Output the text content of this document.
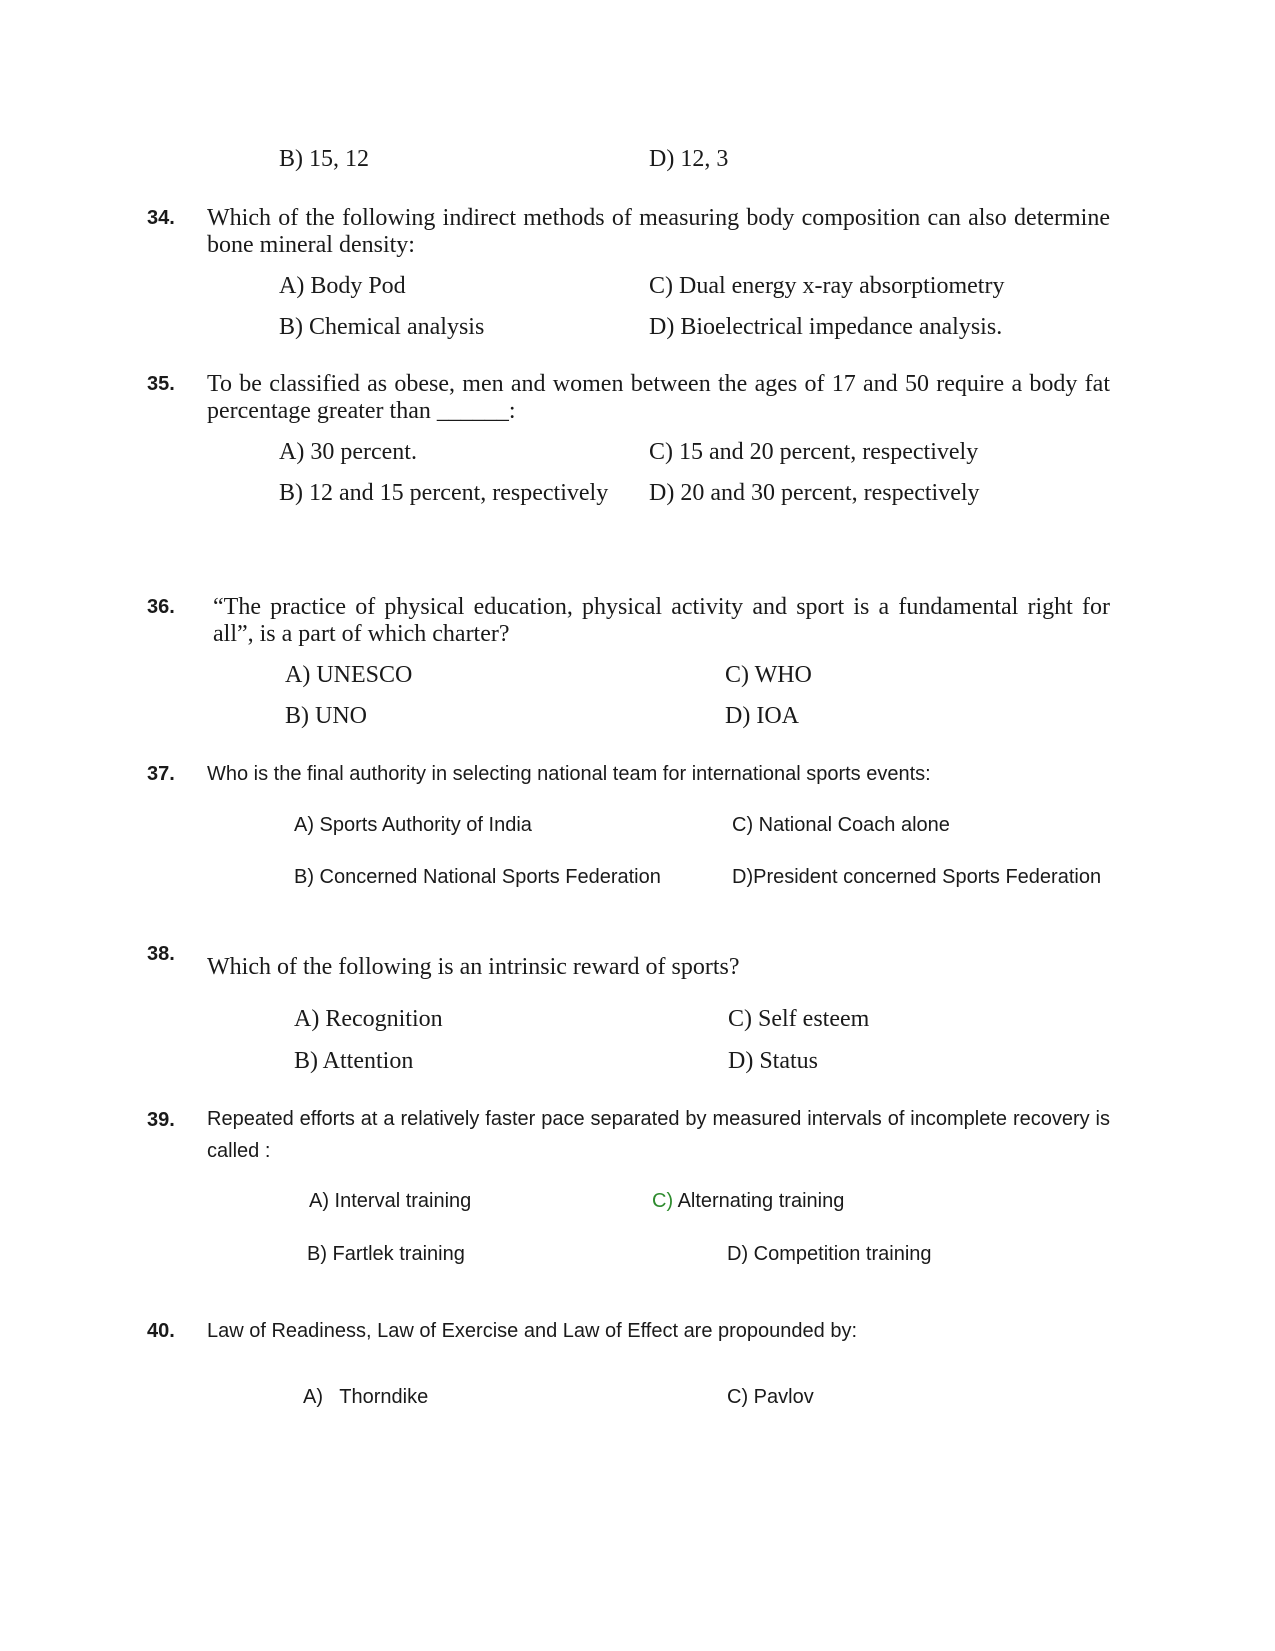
B) 15, 12	D) 12, 3
34. Which of the following indirect methods of measuring body composition can also determine bone mineral density:
A) Body Pod	C) Dual energy x-ray absorptiometry
B) Chemical analysis	D) Bioelectrical impedance analysis.
35. To be classified as obese, men and women between the ages of 17 and 50 require a body fat percentage greater than ______:
A) 30 percent.	C) 15 and 20 percent, respectively
B) 12 and 15 percent, respectively D) 20 and 30 percent, respectively
36. “The practice of physical education, physical activity and sport is a fundamental right for all”, is a part of which charter?
A) UNESCO	C) WHO
B) UNO	D) IOA
37. Who is the final authority in selecting national team for international sports events:
A) Sports Authority of India	C) National Coach alone
B) Concerned National Sports Federation	D)President concerned Sports Federation
38. Which of the following is an intrinsic reward of sports?
A) Recognition	C) Self esteem
B) Attention	D) Status
39. Repeated efforts at a relatively faster pace separated by measured intervals of incomplete recovery is called :
A) Interval training	C) Alternating training
B) Fartlek training	D) Competition training
40. Law of Readiness, Law of Exercise and Law of Effect are propounded by:
A)   Thorndike	C) Pavlov
